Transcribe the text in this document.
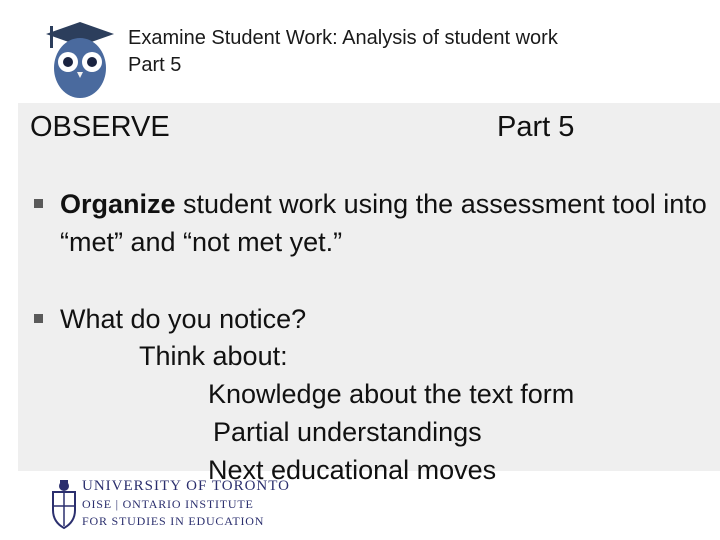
Examine Student Work: Analysis of student work
Part 5
OBSERVE	Part 5
Organize student work using the assessment tool into “met” and “not met yet.”
What do you notice?
Think about:
Knowledge about the text form
Partial understandings
Next educational moves
UNIVERSITY OF TORONTO
OISE | ONTARIO INSTITUTE
FOR STUDIES IN EDUCATION
